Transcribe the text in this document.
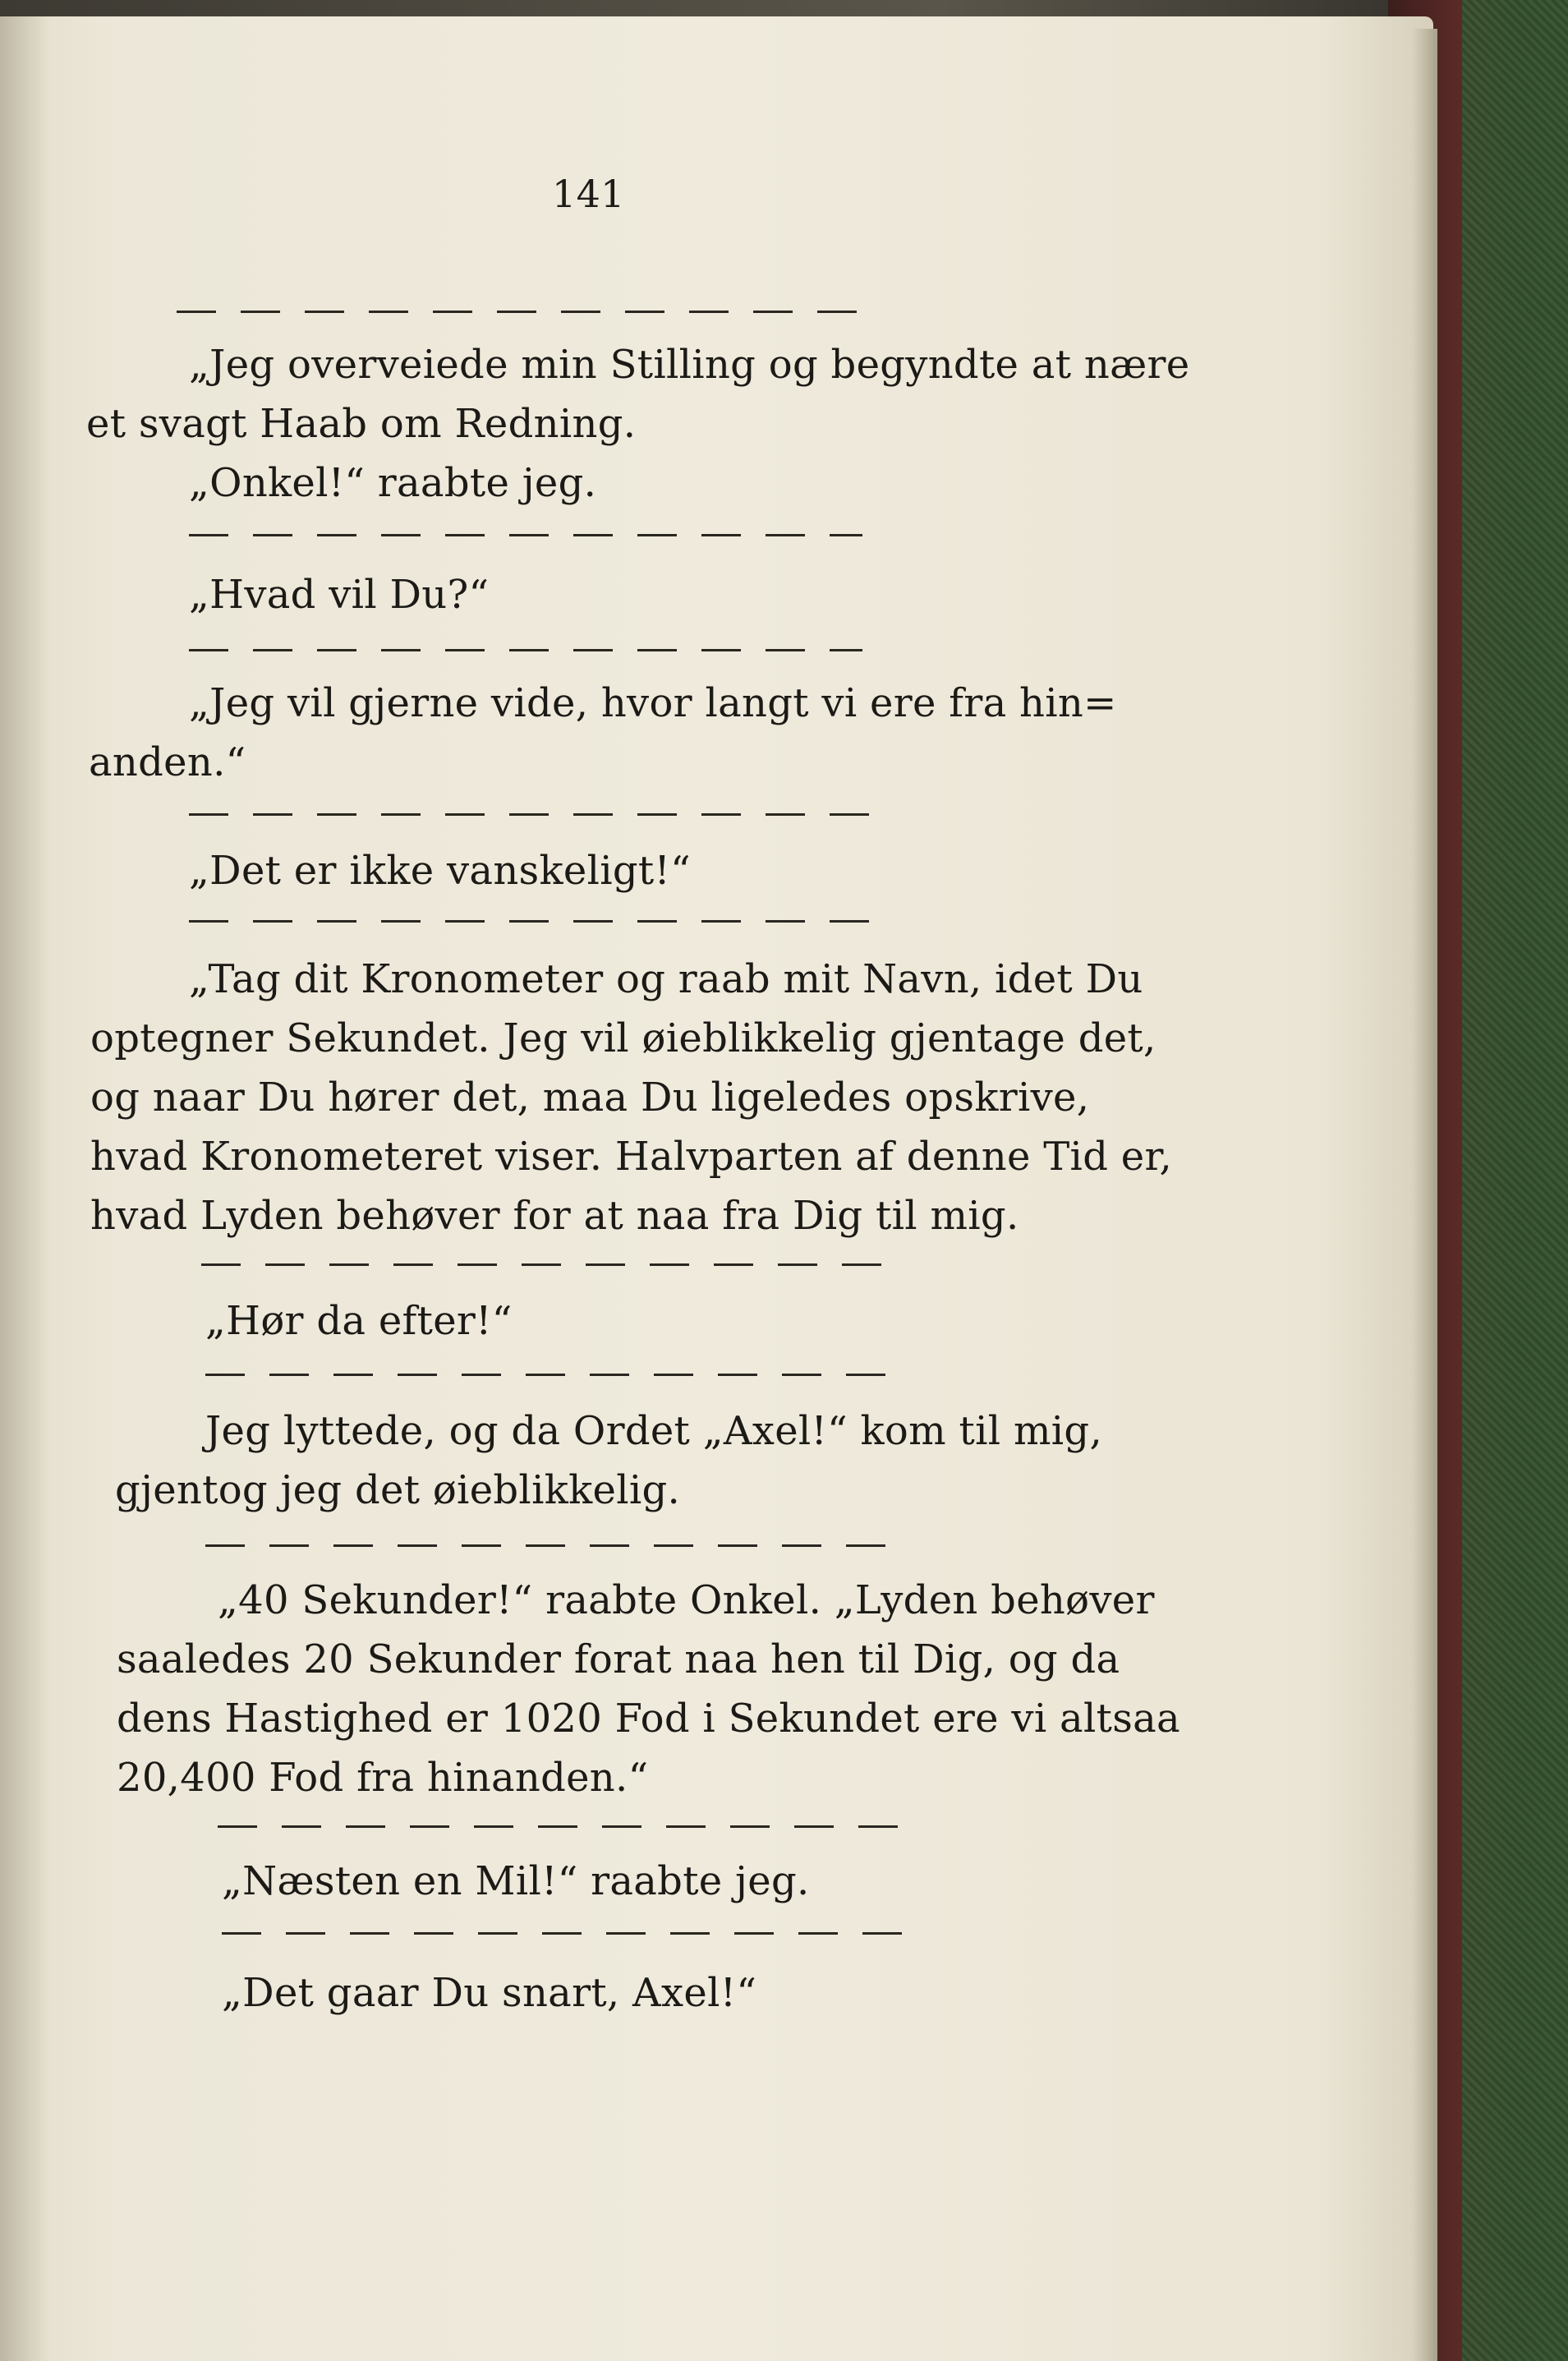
141
„Jeg overveiede min Stilling og begyndte at nære
et svagt Haab om Redning.
„Onkel!“ raabte jeg.
„Hvad vil Du?“
„Jeg vil gjerne vide, hvor langt vi ere fra hin=
anden.“
„Det er ikke vanskeligt!“
„Tag dit Kronometer og raab mit Navn, idet Du
optegner Sekundet. Jeg vil øieblikkelig gjentage det,
og naar Du hører det, maa Du ligeledes opskrive,
hvad Kronometeret viser. Halvparten af denne Tid er,
hvad Lyden behøver for at naa fra Dig til mig.
„Hør da efter!“
Jeg lyttede, og da Ordet „Axel!“ kom til mig,
gjentog jeg det øieblikkelig.
„40 Sekunder!“ raabte Onkel. „Lyden behøver
saaledes 20 Sekunder forat naa hen til Dig, og da
dens Hastighed er 1020 Fod i Sekundet ere vi altsaa
20,400 Fod fra hinanden.“
„Næsten en Mil!“ raabte jeg.
„Det gaar Du snart, Axel!“
